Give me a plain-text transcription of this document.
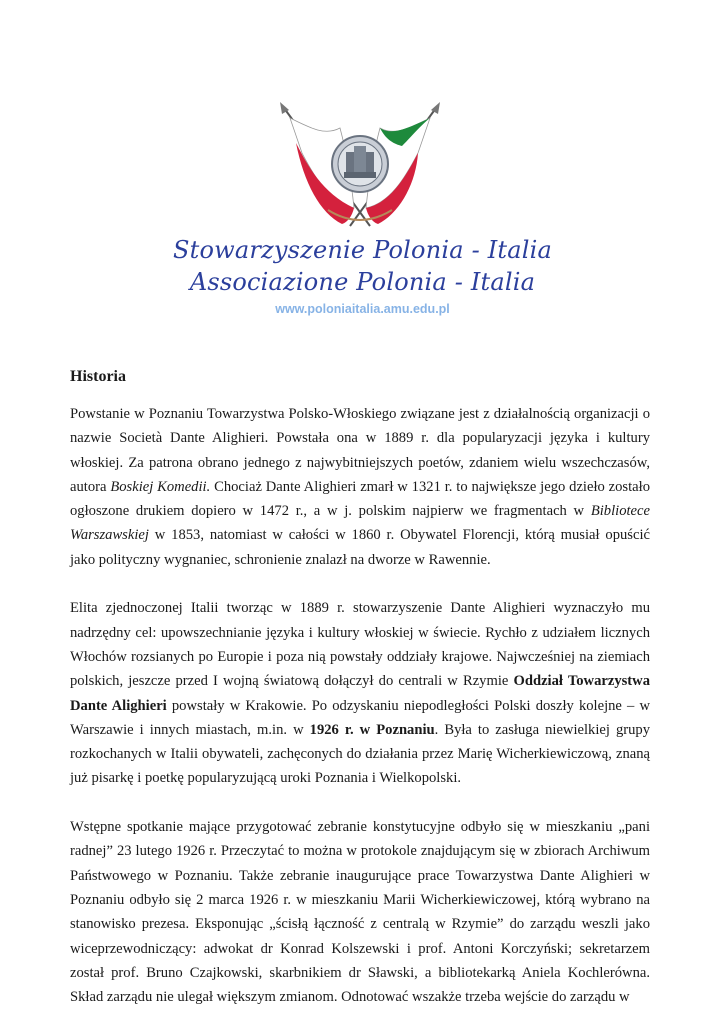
Stowarzyszenie Polonia - Italia
Associazione Polonia - Italia
www.poloniaitalia.amu.edu.pl
Historia

Powstanie w Poznaniu Towarzystwa Polsko-Włoskiego związane jest z działalnością organizacji o nazwie Società Dante Alighieri. Powstała ona w 1889 r. dla popularyzacji języka i kultury włoskiej. Za patrona obrano jednego z najwybitniejszych poetów, zdaniem wielu wszechczasów, autora Boskiej Komedii. Chociaż Dante Alighieri zmarł w 1321 r. to największe jego dzieło zostało ogłoszone drukiem dopiero w 1472 r., a w j. polskim najpierw we fragmentach w Bibliotece Warszawskiej w 1853, natomiast w całości w 1860 r. Obywatel Florencji, którą musiał opuścić jako polityczny wygnaniec, schronienie znalazł na dworze w Rawennie.

Elita zjednoczonej Italii tworząc w 1889 r. stowarzyszenie Dante Alighieri wyznaczyło mu nadrzędny cel: upowszechnianie języka i kultury włoskiej w świecie. Rychło z udziałem licznych Włochów rozsianych po Europie i poza nią powstały oddziały krajowe. Najwcześniej na ziemiach polskich, jeszcze przed I wojną światową dołączył do centrali w Rzymie Oddział Towarzystwa Dante Alighieri powstały w Krakowie. Po odzyskaniu niepodległości Polski doszły kolejne – w Warszawie i innych miastach, m.in. w 1926 r. w Poznaniu. Była to zasługa niewielkiej grupy rozkochanych w Italii obywateli, zachęconych do działania przez Marię Wicherkiewiczową, znaną już pisarkę i poetkę popularyzującą uroki Poznania i Wielkopolski.

Wstępne spotkanie mające przygotować zebranie konstytucyjne odbyło się w mieszkaniu „pani radnej” 23 lutego 1926 r. Przeczytać to można w protokole znajdującym się w zbiorach Archiwum Państwowego w Poznaniu. Także zebranie inaugurujące prace Towarzystwa Dante Alighieri w Poznaniu odbyło się 2 marca 1926 r. w mieszkaniu Marii Wicherkiewiczowej, którą wybrano na stanowisko prezesa. Eksponując „ścisłą łączność z centralą w Rzymie” do zarządu weszli jako wiceprzewodniczący: adwokat dr Konrad Kolszewski i prof. Antoni Korczyński; sekretarzem został prof. Bruno Czajkowski, skarbnikiem dr Sławski, a bibliotekarką Aniela Kochlerówna. Skład zarządu nie ulegał większym zmianom. Odnotować wszakże trzeba wejście do zarządu w
